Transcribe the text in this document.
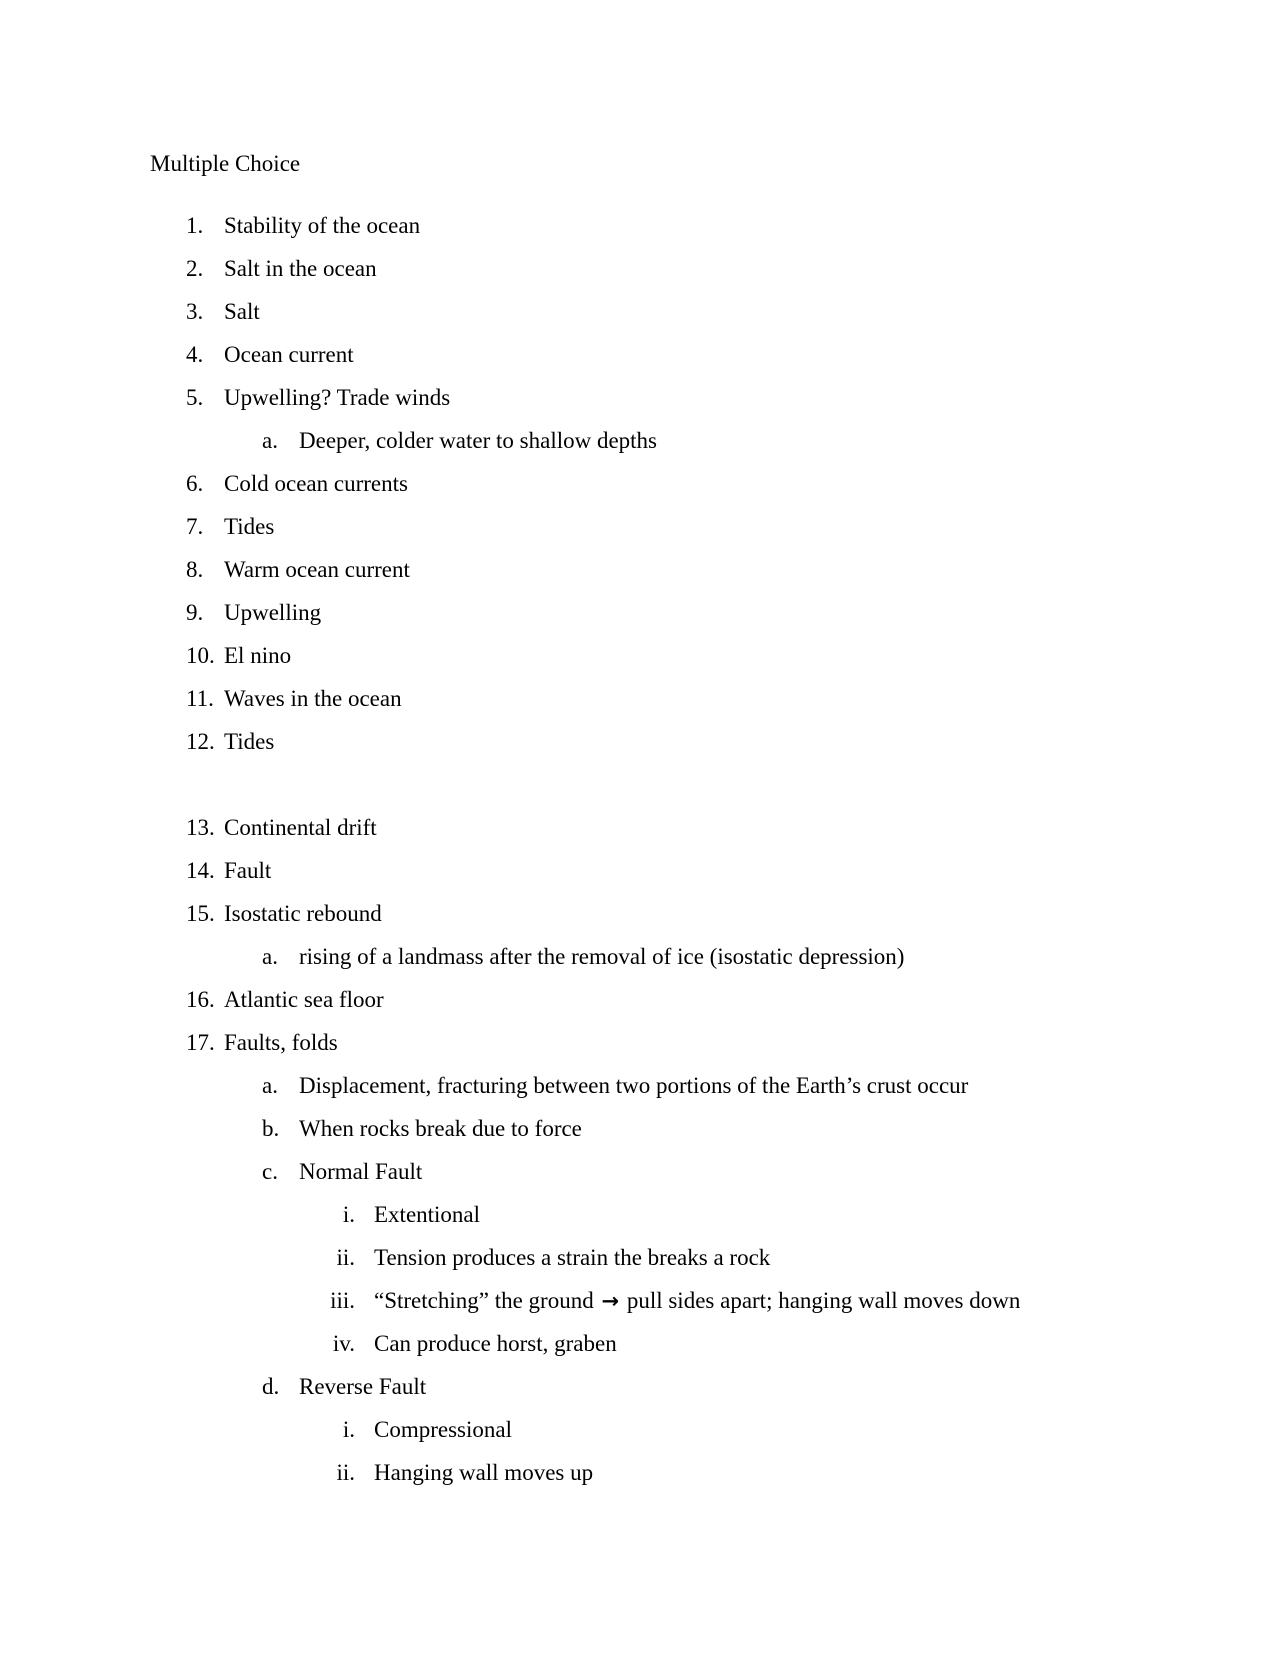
Multiple Choice
1. Stability of the ocean
2. Salt in the ocean
3. Salt
4. Ocean current
5. Upwelling? Trade winds
a. Deeper, colder water to shallow depths
6. Cold ocean currents
7. Tides
8. Warm ocean current
9. Upwelling
10. El nino
11. Waves in the ocean
12. Tides
13. Continental drift
14. Fault
15. Isostatic rebound
a. rising of a landmass after the removal of ice (isostatic depression)
16. Atlantic sea floor
17. Faults, folds
a. Displacement, fracturing between two portions of the Earth’s crust occur
b. When rocks break due to force
c. Normal Fault
i. Extentional
ii. Tension produces a strain the breaks a rock
iii. “Stretching” the ground → pull sides apart; hanging wall moves down
iv. Can produce horst, graben
d. Reverse Fault
i. Compressional
ii. Hanging wall moves up
